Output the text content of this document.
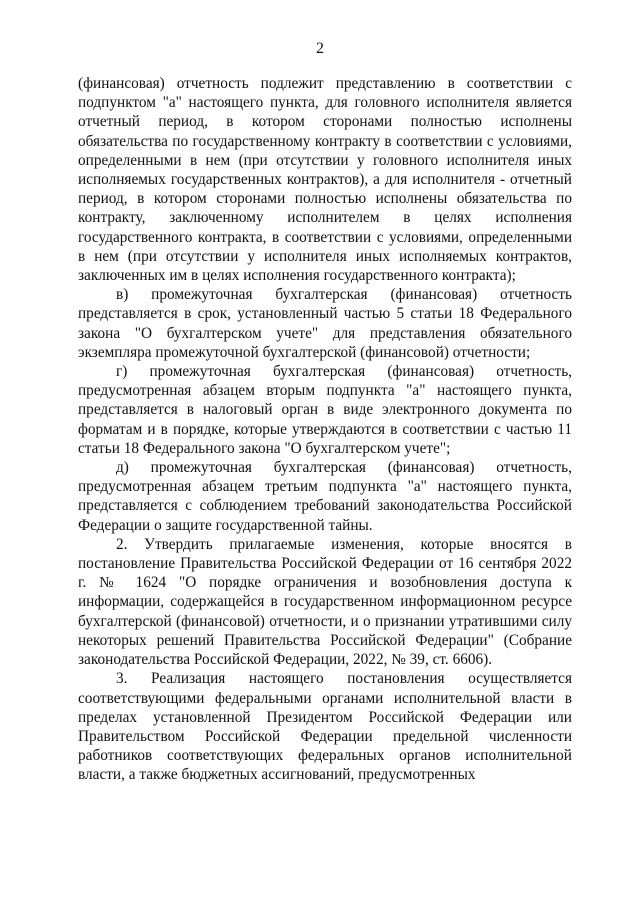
2

(финансовая) отчетность подлежит представлению в соответствии с подпунктом "а" настоящего пункта, для головного исполнителя является отчетный период, в котором сторонами полностью исполнены обязательства по государственному контракту в соответствии с условиями, определенными в нем (при отсутствии у головного исполнителя иных исполняемых государственных контрактов), а для исполнителя - отчетный период, в котором сторонами полностью исполнены обязательства по контракту, заключенному исполнителем в целях исполнения государственного контракта, в соответствии с условиями, определенными в нем (при отсутствии у исполнителя иных исполняемых контрактов, заключенных им в целях исполнения государственного контракта);

в) промежуточная бухгалтерская (финансовая) отчетность представляется в срок, установленный частью 5 статьи 18 Федерального закона "О бухгалтерском учете" для представления обязательного экземпляра промежуточной бухгалтерской (финансовой) отчетности;

г) промежуточная бухгалтерская (финансовая) отчетность, предусмотренная абзацем вторым подпункта "а" настоящего пункта, представляется в налоговый орган в виде электронного документа по форматам и в порядке, которые утверждаются в соответствии с частью 11 статьи 18 Федерального закона "О бухгалтерском учете";

д) промежуточная бухгалтерская (финансовая) отчетность, предусмотренная абзацем третьим подпункта "а" настоящего пункта, представляется с соблюдением требований законодательства Российской Федерации о защите государственной тайны.

2. Утвердить прилагаемые изменения, которые вносятся в постановление Правительства Российской Федерации от 16 сентября 2022 г. № 1624 "О порядке ограничения и возобновления доступа к информации, содержащейся в государственном информационном ресурсе бухгалтерской (финансовой) отчетности, и о признании утратившими силу некоторых решений Правительства Российской Федерации" (Собрание законодательства Российской Федерации, 2022, № 39, ст. 6606).

3. Реализация настоящего постановления осуществляется соответствующими федеральными органами исполнительной власти в пределах установленной Президентом Российской Федерации или Правительством Российской Федерации предельной численности работников соответствующих федеральных органов исполнительной власти, а также бюджетных ассигнований, предусмотренных
